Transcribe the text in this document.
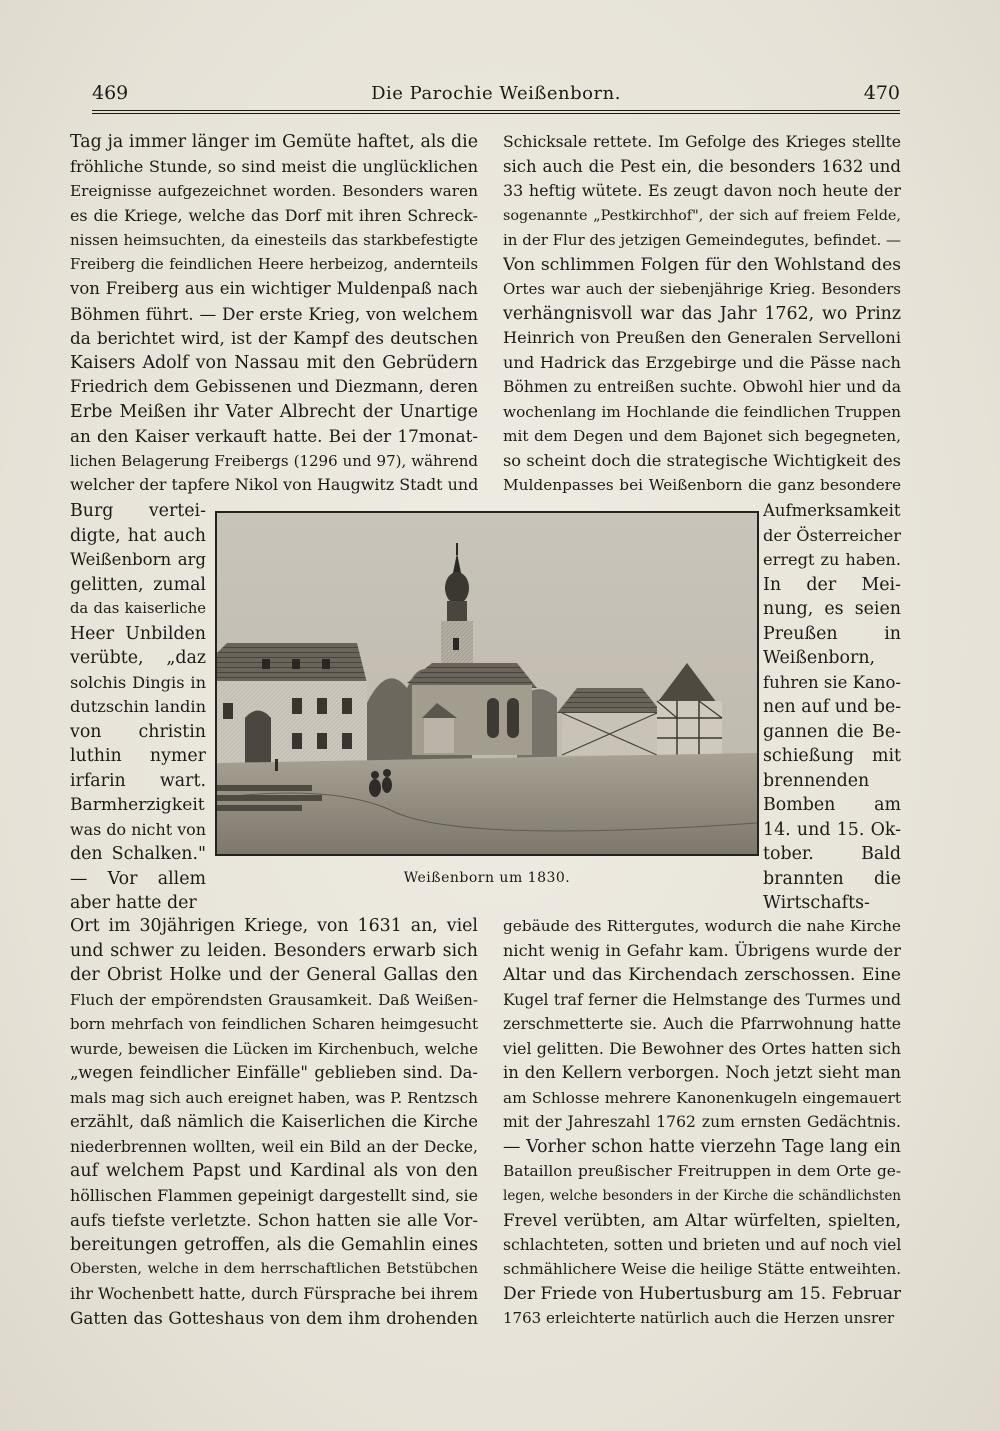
469	Die Parochie Weißenborn.	470
Tag ja immer länger im Gemüte haftet, als die
fröhliche Stunde, so sind meist die unglücklichen
Ereignisse aufgezeichnet worden. Besonders waren
es die Kriege, welche das Dorf mit ihren Schreck-
nissen heimsuchten, da einesteils das starkbefestigte
Freiberg die feindlichen Heere herbeizog, andernteils
von Freiberg aus ein wichtiger Muldenpaß nach
Böhmen führt. — Der erste Krieg, von welchem
da berichtet wird, ist der Kampf des deutschen
Kaisers Adolf von Nassau mit den Gebrüdern
Friedrich dem Gebissenen und Diezmann, deren
Erbe Meißen ihr Vater Albrecht der Unartige
an den Kaiser verkauft hatte. Bei der 17monat-
lichen Belagerung Freibergs (1296 und 97), während
welcher der tapfere Nikol von Haugwitz Stadt und
Burg vertei-
digte, hat auch
Weißenborn arg
gelitten, zumal
da das kaiserliche
Heer Unbilden
verübte, „daz
solchis Dingis in
dutzschin landin
von christin
luthin nymer
irfarin wart.
Barmherzigkeit
was do nicht von
den Schalken."
— Vor allem
aber hatte der
Ort im 30jährigen Kriege, von 1631 an, viel
und schwer zu leiden. Besonders erwarb sich
der Obrist Holke und der General Gallas den
Fluch der empörendsten Grausamkeit. Daß Weißen-
born mehrfach von feindlichen Scharen heimgesucht
wurde, beweisen die Lücken im Kirchenbuch, welche
„wegen feindlicher Einfälle" geblieben sind. Da-
mals mag sich auch ereignet haben, was P. Rentzsch
erzählt, daß nämlich die Kaiserlichen die Kirche
niederbrennen wollten, weil ein Bild an der Decke,
auf welchem Papst und Kardinal als von den
höllischen Flammen gepeinigt dargestellt sind, sie
aufs tiefste verletzte. Schon hatten sie alle Vor-
bereitungen getroffen, als die Gemahlin eines
Obersten, welche in dem herrschaftlichen Betstübchen
ihr Wochenbett hatte, durch Fürsprache bei ihrem
Gatten das Gotteshaus von dem ihm drohenden
Schicksale rettete. Im Gefolge des Krieges stellte
sich auch die Pest ein, die besonders 1632 und
33 heftig wütete. Es zeugt davon noch heute der
sogenannte „Pestkirchhof", der sich auf freiem Felde,
in der Flur des jetzigen Gemeindegutes, befindet. —
Von schlimmen Folgen für den Wohlstand des
Ortes war auch der siebenjährige Krieg. Besonders
verhängnisvoll war das Jahr 1762, wo Prinz
Heinrich von Preußen den Generalen Servelloni
und Hadrick das Erzgebirge und die Pässe nach
Böhmen zu entreißen suchte. Obwohl hier und da
wochenlang im Hochlande die feindlichen Truppen
mit dem Degen und dem Bajonet sich begegneten,
so scheint doch die strategische Wichtigkeit des
Muldenpasses bei Weißenborn die ganz besondere
Aufmerksamkeit
der Österreicher
erregt zu haben.
In der Mei-
nung, es seien
Preußen in
Weißenborn,
fuhren sie Kano-
nen auf und be-
gannen die Be-
schießung mit
brennenden
Bomben am
14. und 15. Ok-
tober. Bald
brannten die
Wirtschafts-
gebäude des Rittergutes, wodurch die nahe Kirche
nicht wenig in Gefahr kam. Übrigens wurde der
Altar und das Kirchendach zerschossen. Eine
Kugel traf ferner die Helmstange des Turmes und
zerschmetterte sie. Auch die Pfarrwohnung hatte
viel gelitten. Die Bewohner des Ortes hatten sich
in den Kellern verborgen. Noch jetzt sieht man
am Schlosse mehrere Kanonenkugeln eingemauert
mit der Jahreszahl 1762 zum ernsten Gedächtnis.
— Vorher schon hatte vierzehn Tage lang ein
Bataillon preußischer Freitruppen in dem Orte ge-
legen, welche besonders in der Kirche die schändlichsten
Frevel verübten, am Altar würfelten, spielten,
schlachteten, sotten und brieten und auf noch viel
schmählichere Weise die heilige Stätte entweihten.
Der Friede von Hubertusburg am 15. Februar
1763 erleichterte natürlich auch die Herzen unsrer
Weißenborn um 1830.
